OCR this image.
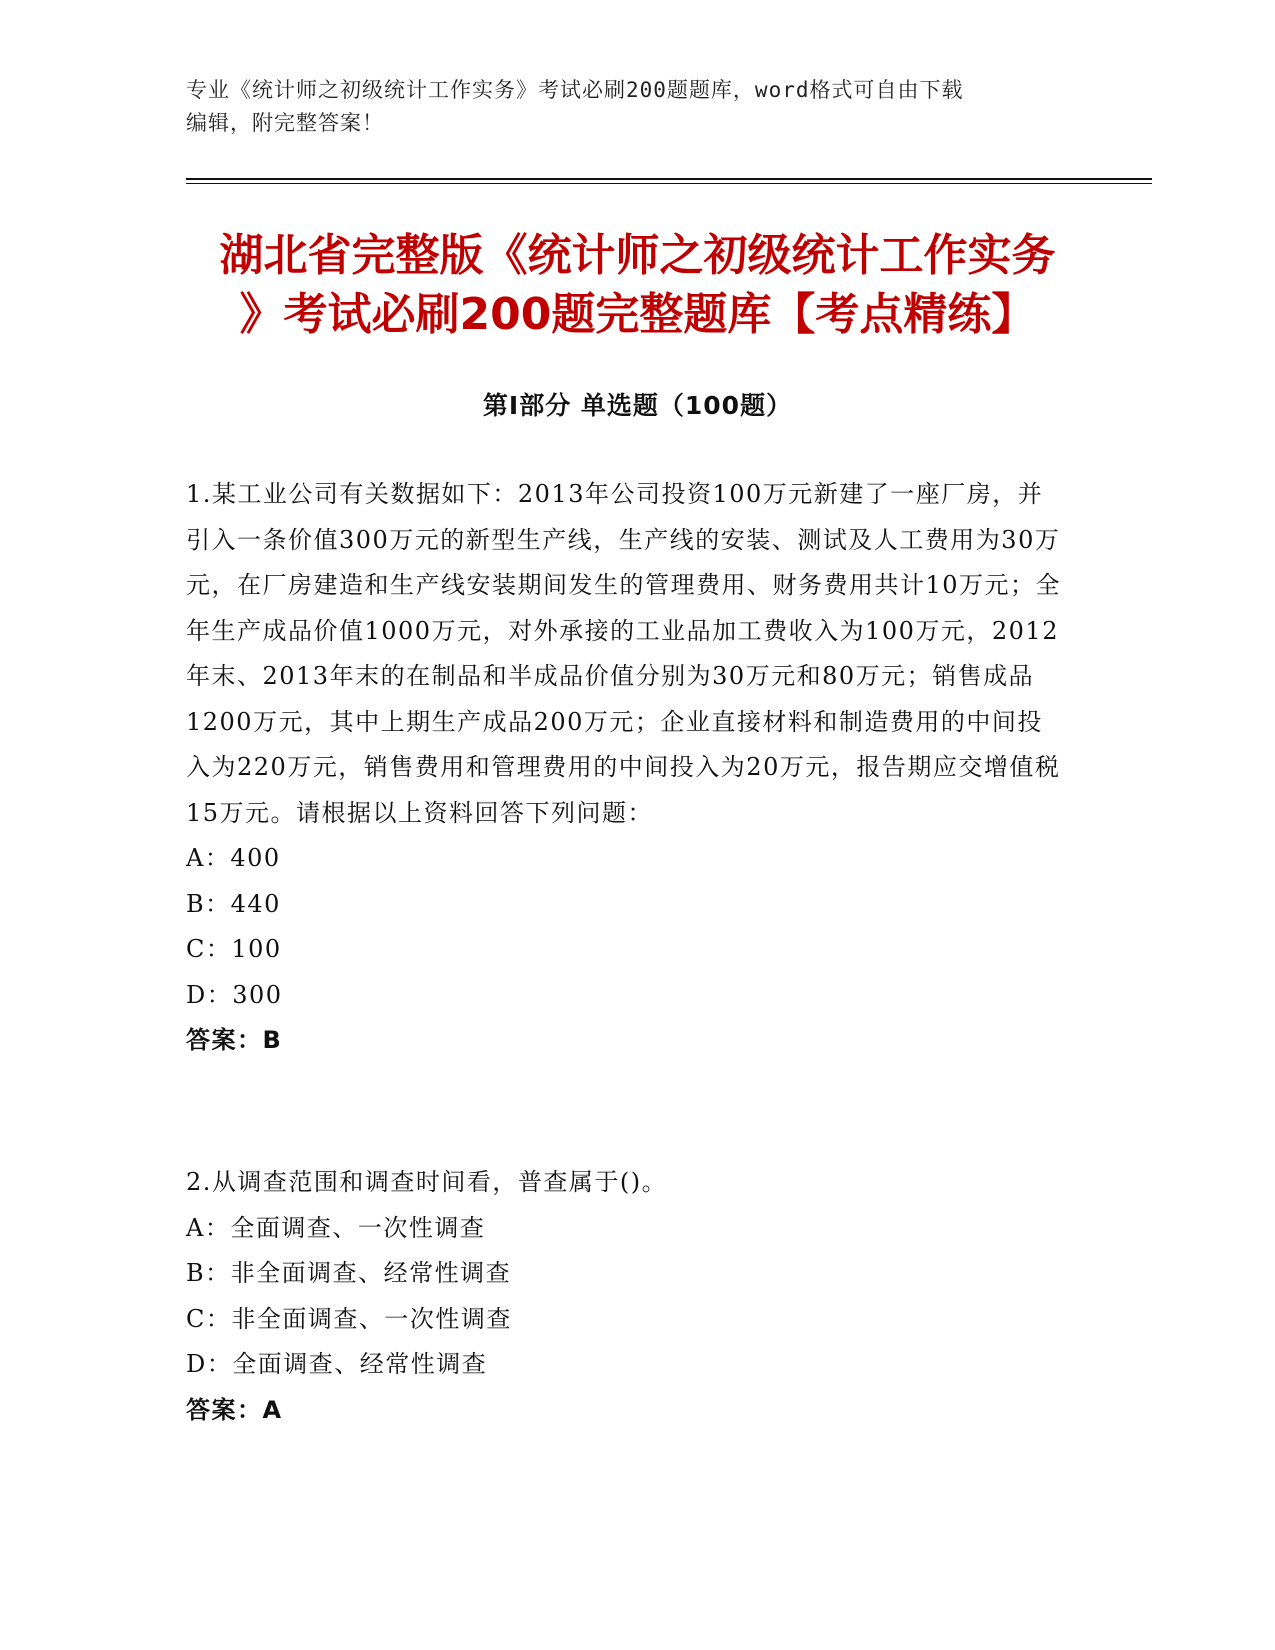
专业《统计师之初级统计工作实务》考试必刷200题题库，word格式可自由下载
编辑，附完整答案！
湖北省完整版《统计师之初级统计工作实务
》考试必刷200题完整题库【考点精练】
第Ⅰ部分 单选题（100题）

1.某工业公司有关数据如下：2013年公司投资100万元新建了一座厂房，并引入一条价值300万元的新型生产线，生产线的安装、测试及人工费用为30万元，在厂房建造和生产线安装期间发生的管理费用、财务费用共计10万元；全年生产成品价值1000万元，对外承接的工业品加工费收入为100万元，2012年末、2013年末的在制品和半成品价值分别为30万元和80万元；销售成品1200万元，其中上期生产成品200万元；企业直接材料和制造费用的中间投入为220万元，销售费用和管理费用的中间投入为20万元，报告期应交增值税15万元。请根据以上资料回答下列问题：

A：400

B：440

C：100

D：300

答案：B

2.从调查范围和调查时间看，普查属于()。

A：全面调查、一次性调查

B：非全面调查、经常性调查

C：非全面调查、一次性调查

D：全面调查、经常性调查

答案：A
